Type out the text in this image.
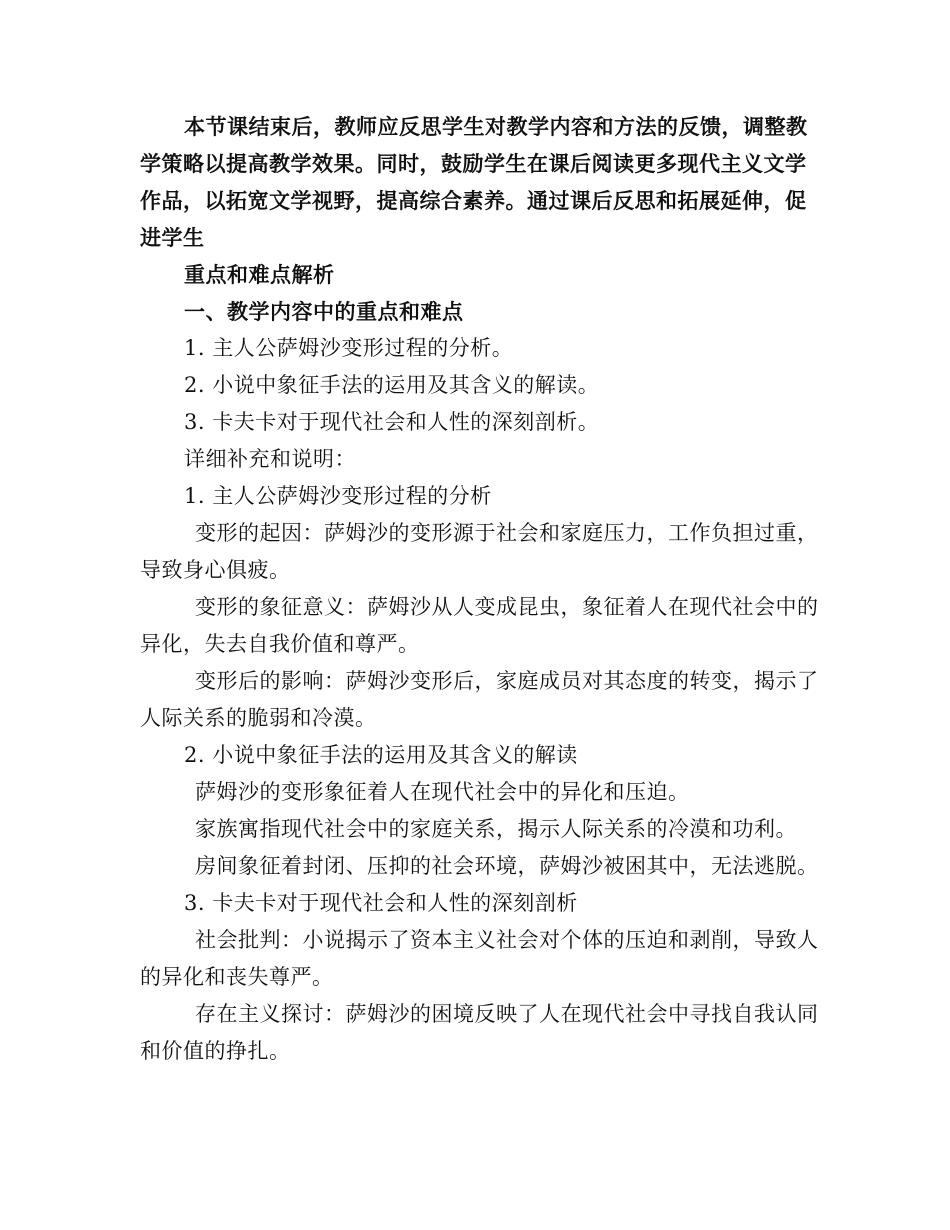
本节课结束后，教师应反思学生对教学内容和方法的反馈，调整教学策略以提高教学效果。同时，鼓励学生在课后阅读更多现代主义文学作品，以拓宽文学视野，提高综合素养。通过课后反思和拓展延伸，促进学生

重点和难点解析

一、教学内容中的重点和难点

1. 主人公萨姆沙变形过程的分析。

2. 小说中象征手法的运用及其含义的解读。

3. 卡夫卡对于现代社会和人性的深刻剖析。

详细补充和说明：

1. 主人公萨姆沙变形过程的分析

变形的起因：萨姆沙的变形源于社会和家庭压力，工作负担过重，导致身心俱疲。

变形的象征意义：萨姆沙从人变成昆虫，象征着人在现代社会中的异化，失去自我价值和尊严。

变形后的影响：萨姆沙变形后，家庭成员对其态度的转变，揭示了人际关系的脆弱和冷漠。

2. 小说中象征手法的运用及其含义的解读

萨姆沙的变形象征着人在现代社会中的异化和压迫。

家族寓指现代社会中的家庭关系，揭示人际关系的冷漠和功利。

房间象征着封闭、压抑的社会环境，萨姆沙被困其中，无法逃脱。

3. 卡夫卡对于现代社会和人性的深刻剖析

社会批判：小说揭示了资本主义社会对个体的压迫和剥削，导致人的异化和丧失尊严。

存在主义探讨：萨姆沙的困境反映了人在现代社会中寻找自我认同和价值的挣扎。
